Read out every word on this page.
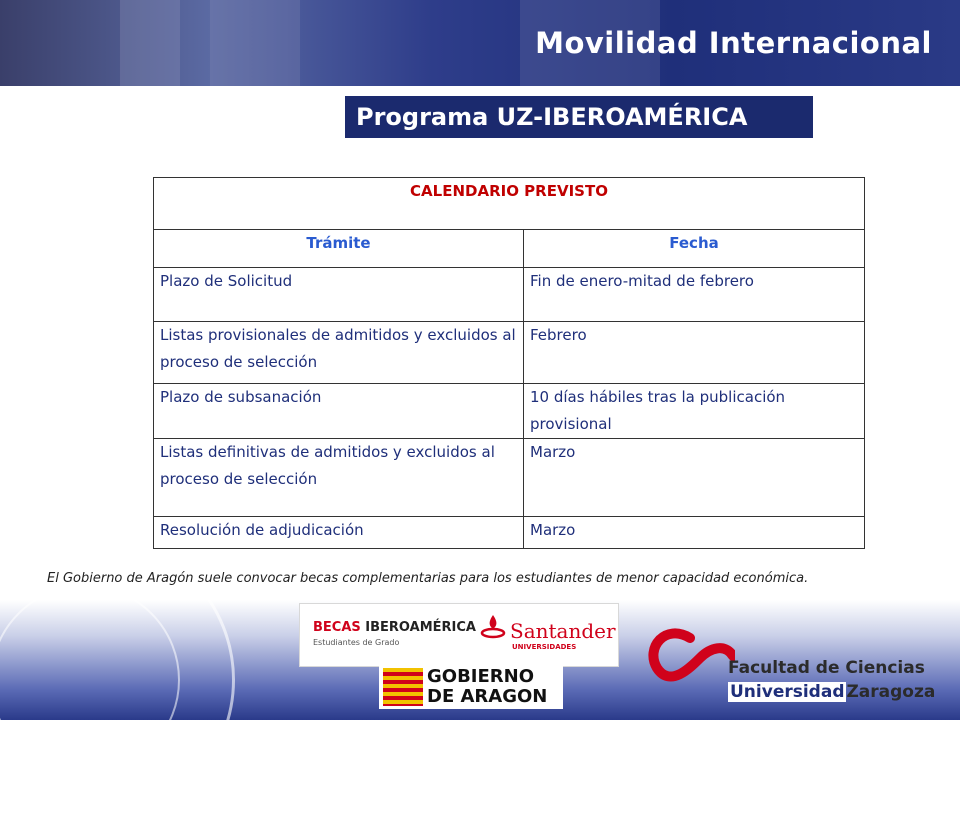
Movilidad Internacional
Programa UZ-IBEROAMÉRICA
CALENDARIO PREVISTO	
Trámite	Fecha
Plazo de Solicitud	Fin de enero-mitad de febrero
Listas provisionales de admitidos y excluidos al proceso de selección	Febrero
Plazo de subsanación	10 días hábiles tras la publicación provisional
Listas definitivas de admitidos y excluidos al proceso de selección	Marzo
Resolución de adjudicación	Marzo
El Gobierno de Aragón suele convocar becas complementarias para los estudiantes de menor capacidad económica.
BECAS IBEROAMÉRICA
Estudiantes de Grado	Santander
UNIVERSIDADES
GOBIERNO
DE ARAGON
Facultad de Ciencias
Universidad Zaragoza
